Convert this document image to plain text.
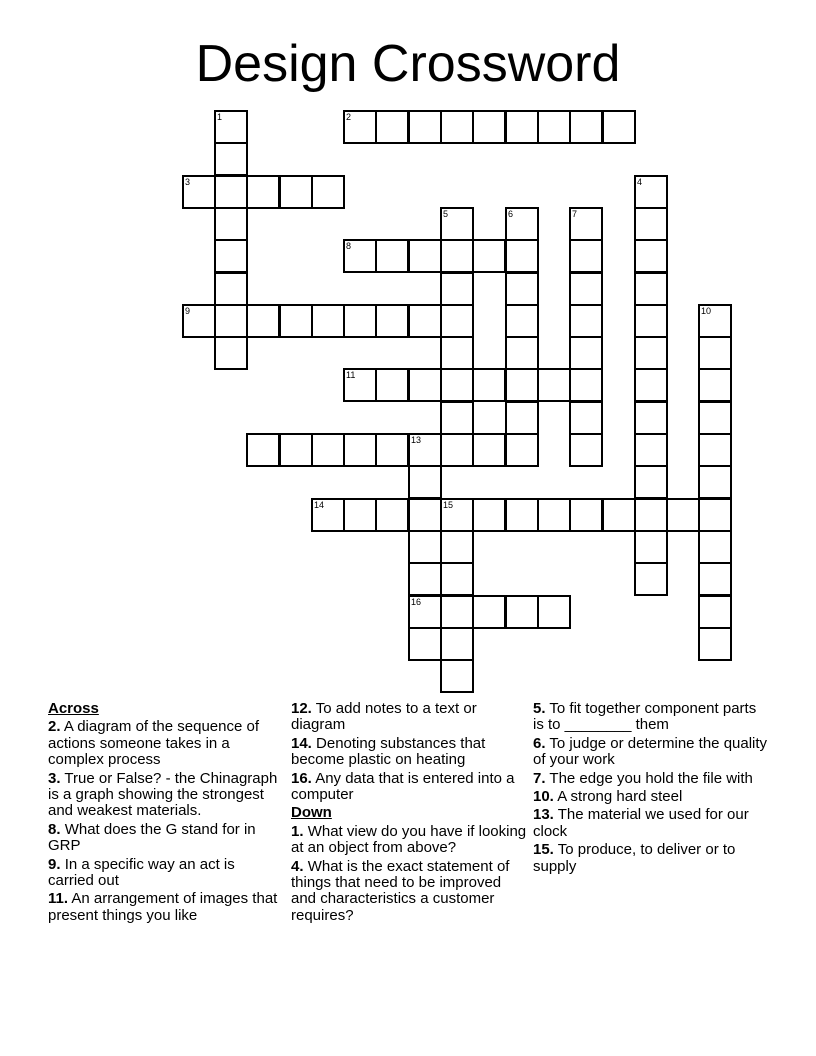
Design Crossword
1	2
3	4
5	6	7
8
9	10
11
13
14	15
16
Across
2. A diagram of the sequence of actions someone takes in a complex process
3. True or False? - the Chinagraph is a graph showing the strongest and weakest materials.
8. What does the G stand for in GRP
9. In a specific way an act is carried out
11. An arrangement of images that present things you like
12. To add notes to a text or diagram
14. Denoting substances that become plastic on heating
16. Any data that is entered into a computer
Down
1. What view do you have if looking at an object from above?
4. What is the exact statement of things that need to be improved and characteristics a customer requires?
5. To fit together component parts is to ________ them
6. To judge or determine the quality of your work
7. The edge you hold the file with
10. A strong hard steel
13. The material we used for our clock
15. To produce, to deliver or to supply
